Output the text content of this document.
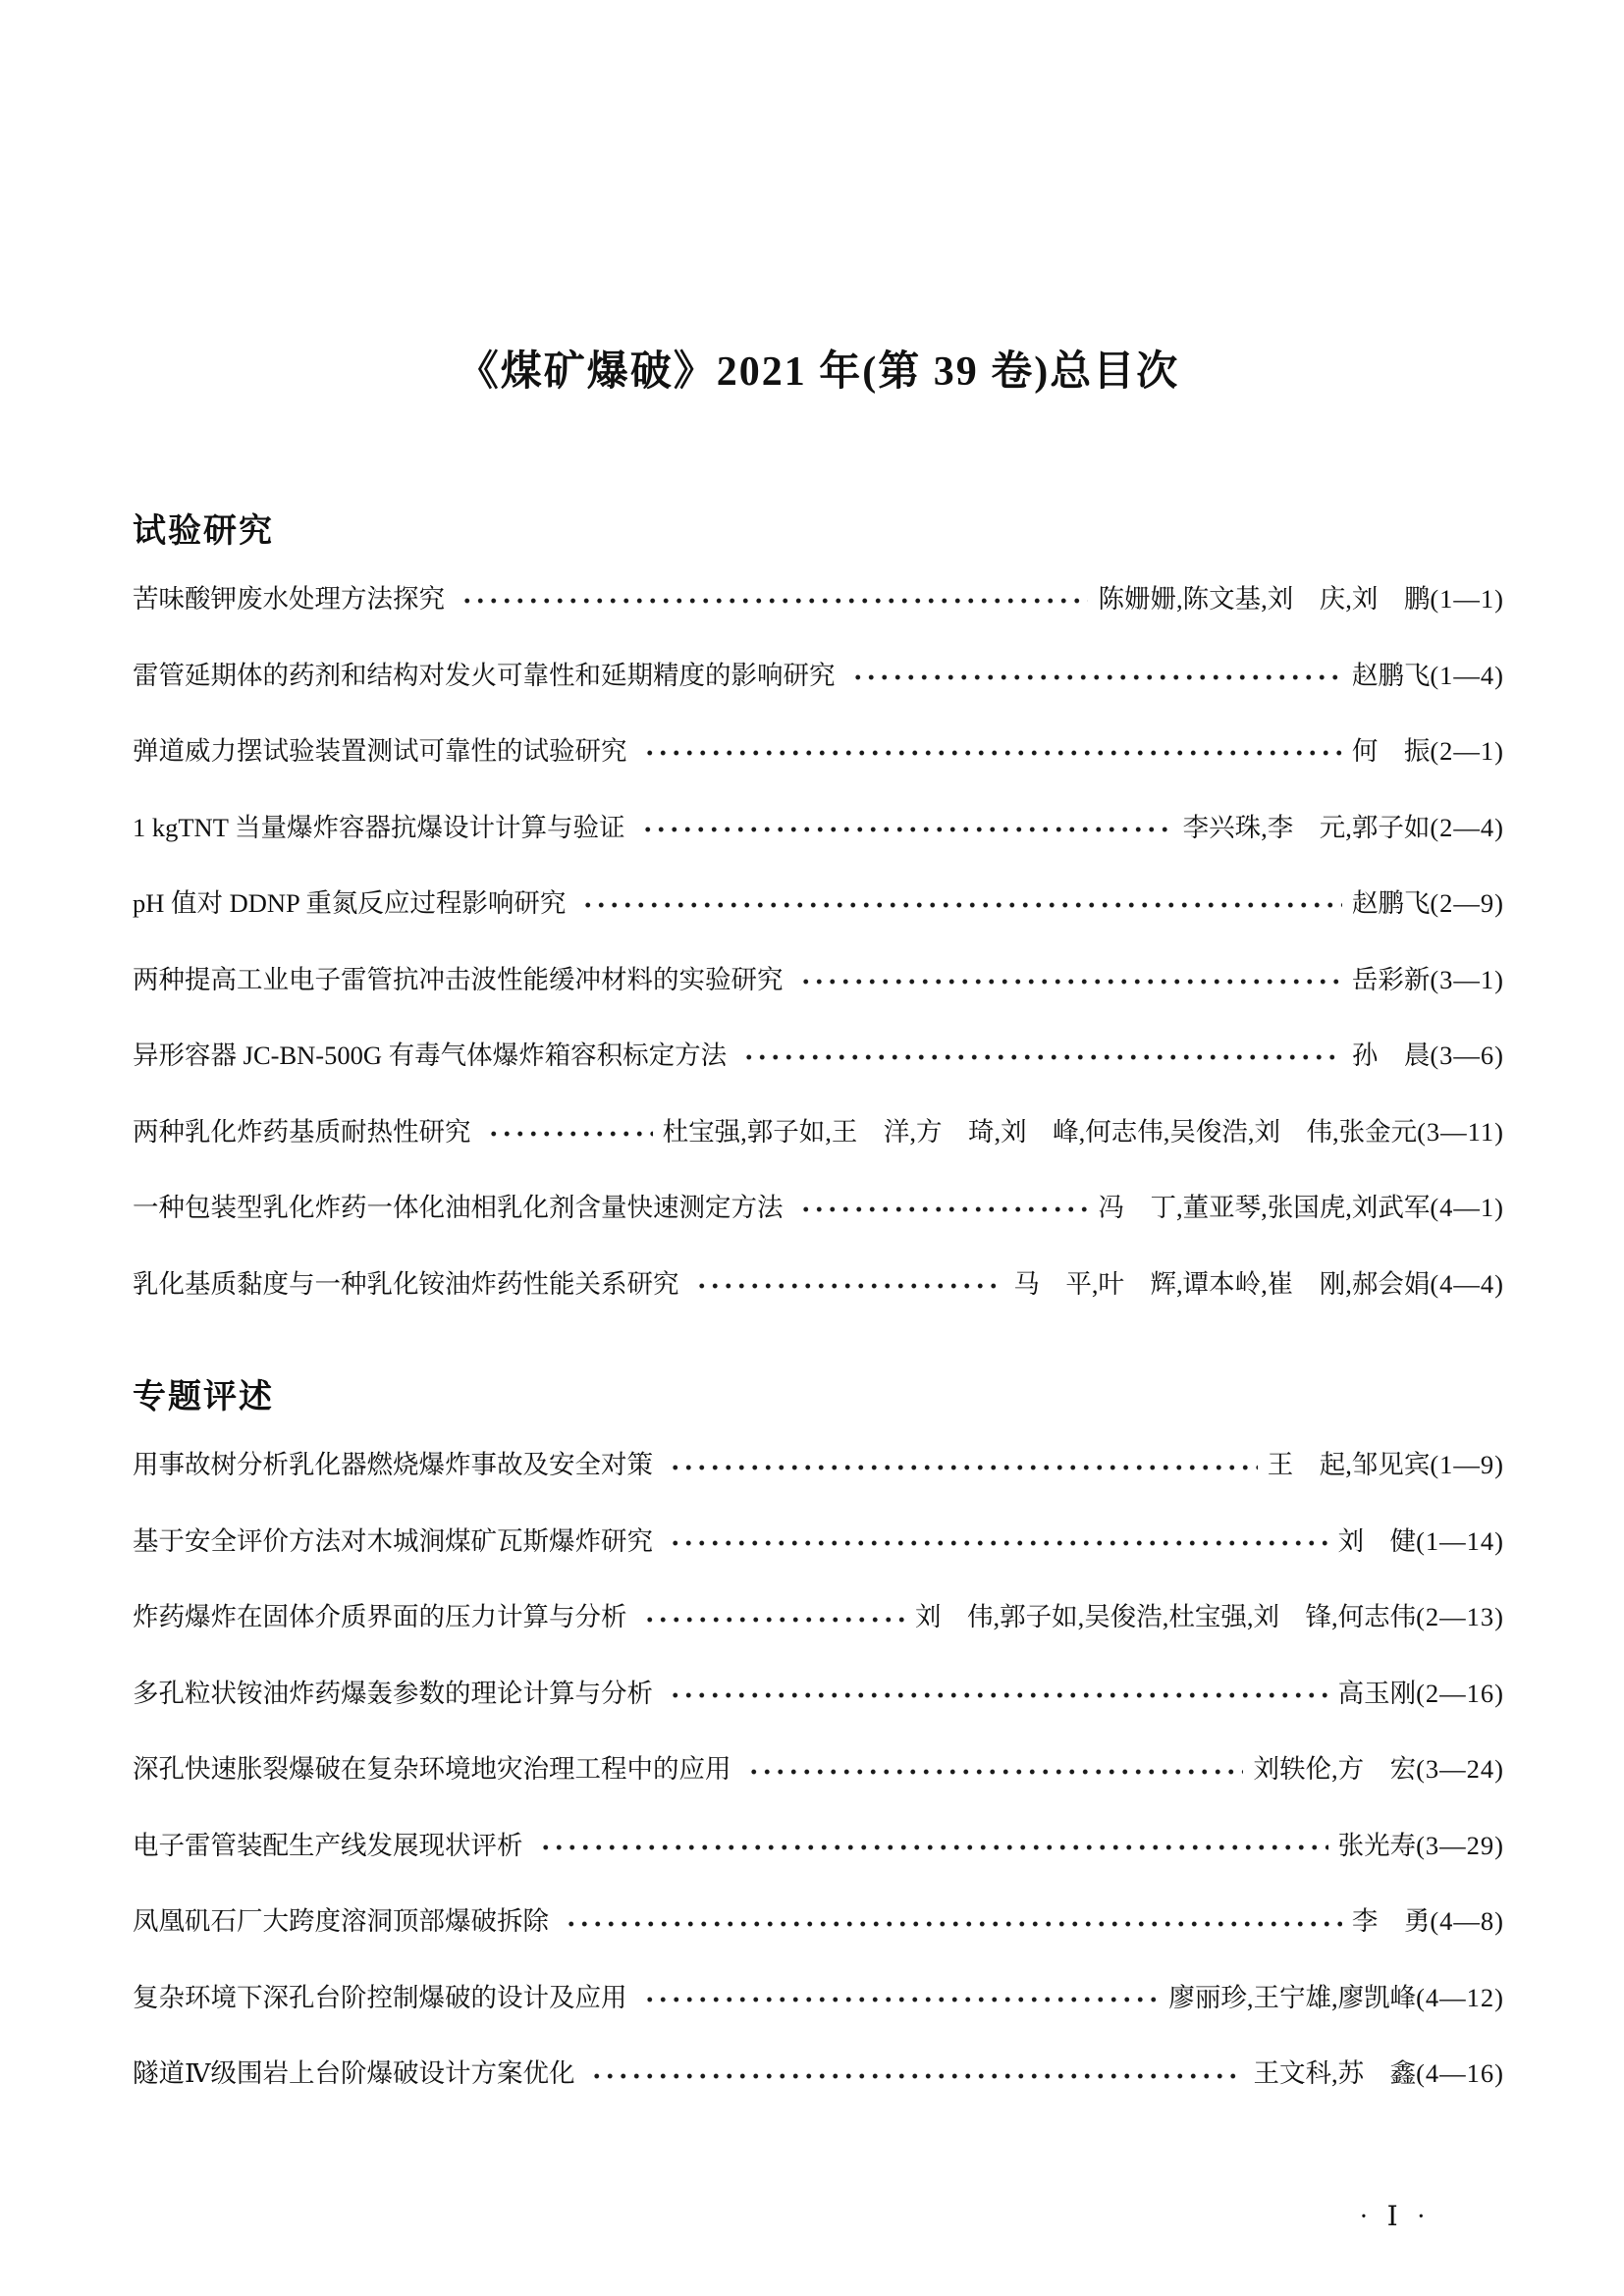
《煤矿爆破》2021 年(第 39 卷)总目次
试验研究
苦味酸钾废水处理方法探究	陈姗姗,陈文基,刘　庆,刘　鹏(1—1)
雷管延期体的药剂和结构对发火可靠性和延期精度的影响研究	赵鹏飞(1—4)
弹道威力摆试验装置测试可靠性的试验研究	何　振(2—1)
1 kgTNT 当量爆炸容器抗爆设计计算与验证	李兴珠,李　元,郭子如(2—4)
pH 值对 DDNP 重氮反应过程影响研究	赵鹏飞(2—9)
两种提高工业电子雷管抗冲击波性能缓冲材料的实验研究	岳彩新(3—1)
异形容器 JC-BN-500G 有毒气体爆炸箱容积标定方法	孙　晨(3—6)
两种乳化炸药基质耐热性研究	杜宝强,郭子如,王　洋,方　琦,刘　峰,何志伟,吴俊浩,刘　伟,张金元(3—11)
一种包装型乳化炸药一体化油相乳化剂含量快速测定方法	冯　丁,董亚琴,张国虎,刘武军(4—1)
乳化基质黏度与一种乳化铵油炸药性能关系研究	马　平,叶　辉,谭本岭,崔　刚,郝会娟(4—4)
专题评述
用事故树分析乳化器燃烧爆炸事故及安全对策	王　起,邹见宾(1—9)
基于安全评价方法对木城涧煤矿瓦斯爆炸研究	刘　健(1—14)
炸药爆炸在固体介质界面的压力计算与分析	刘　伟,郭子如,吴俊浩,杜宝强,刘　锋,何志伟(2—13)
多孔粒状铵油炸药爆轰参数的理论计算与分析	高玉刚(2—16)
深孔快速胀裂爆破在复杂环境地灾治理工程中的应用	刘轶伦,方　宏(3—24)
电子雷管装配生产线发展现状评析	张光寿(3—29)
凤凰矶石厂大跨度溶洞顶部爆破拆除	李　勇(4—8)
复杂环境下深孔台阶控制爆破的设计及应用	廖丽珍,王宁雄,廖凯峰(4—12)
隧道Ⅳ级围岩上台阶爆破设计方案优化	王文科,苏　鑫(4—16)
· Ⅰ ·
